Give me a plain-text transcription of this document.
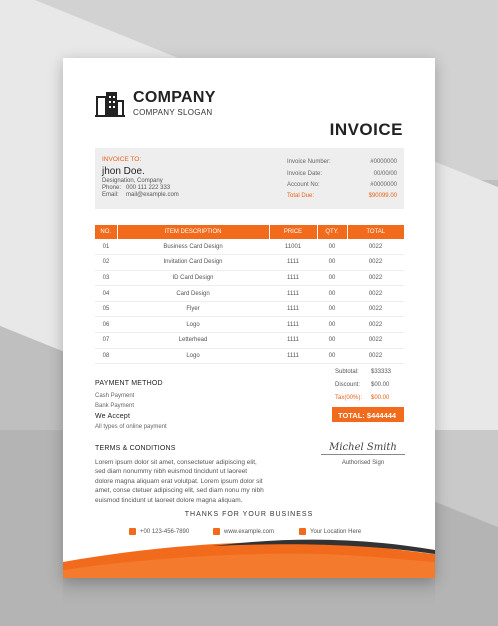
COMPANY
COMPANY SLOGAN
INVOICE
INVOICE TO:
jhon Doe.
Designation, Company
Phone: 000 111 222 333
Email: mail@example.com
Invoice Number:	#0000000
Invoice Date:	00/00/00
Account No:	#0000000
Total Due:	$90099.00
NO.	ITEM DESCRIPTION	PRICE	QTY.	TOTAL
01	Business Card Design	11001	00	0022
02	Invitation Card Design	1111	00	0022
03	ID Card Design	1111	00	0022
04	Card Design	1111	00	0022
05	Flyer	1111	00	0022
06	Logo	1111	00	0022
07	Letterhead	1111	00	0022
08	Logo	1111	00	0022
Subtotal: $33333
Discount: $00.00
Tax(00%): $00.00
TOTAL: $444444
PAYMENT METHOD
Cash Payment
Bank Payment
We Accept
All types of online payment
Michel Smith
Authorised Sign
TERMS & CONDITIONS
Lorem ipsum dolor sit amet, consectetuer adipiscing elit, sed diam nonummy nibh euismod tincidunt ut laoreet dolore magna aliquam erat volutpat. Lorem ipsum dolor sit amet, conse ctetuer adipiscing elit, sed diam nonu my nibh euismod tincidunt ut laoreet dolore magna aliquam.
THANKS FOR YOUR BUSINESS
+00 123-456-7890	www.example.com	Your Location Here
